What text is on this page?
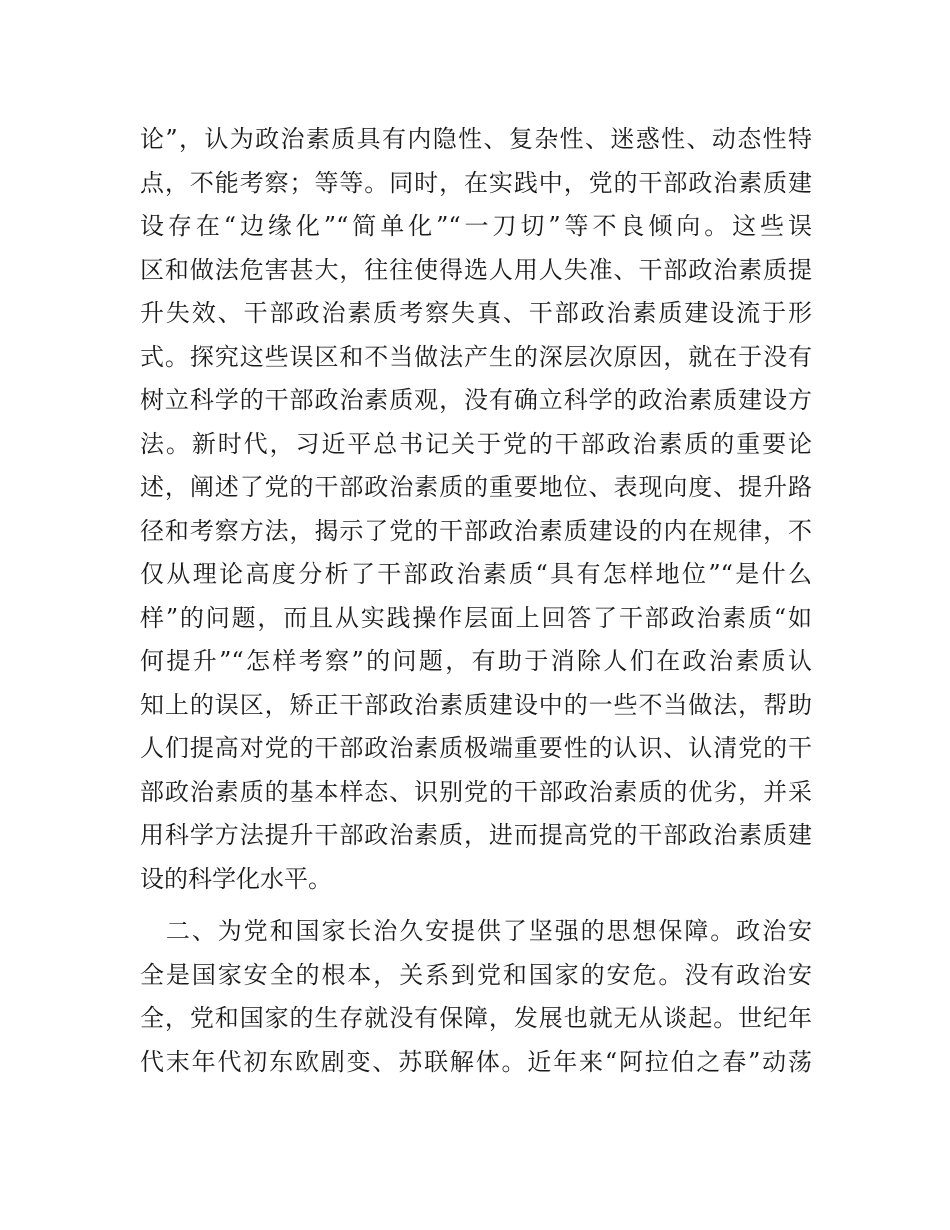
论”，认为政治素质具有内隐性、复杂性、迷惑性、动态性特
点，不能考察；等等。同时，在实践中，党的干部政治素质建
设存在“边缘化”“简单化”“一刀切”等不良倾向。这些误
区和做法危害甚大，往往使得选人用人失准、干部政治素质提
升失效、干部政治素质考察失真、干部政治素质建设流于形
式。探究这些误区和不当做法产生的深层次原因，就在于没有
树立科学的干部政治素质观，没有确立科学的政治素质建设方
法。新时代，习近平总书记关于党的干部政治素质的重要论
述，阐述了党的干部政治素质的重要地位、表现向度、提升路
径和考察方法，揭示了党的干部政治素质建设的内在规律，不
仅从理论高度分析了干部政治素质“具有怎样地位”“是什么
样”的问题，而且从实践操作层面上回答了干部政治素质“如
何提升”“怎样考察”的问题，有助于消除人们在政治素质认
知上的误区，矫正干部政治素质建设中的一些不当做法，帮助
人们提高对党的干部政治素质极端重要性的认识、认清党的干
部政治素质的基本样态、识别党的干部政治素质的优劣，并采
用科学方法提升干部政治素质，进而提高党的干部政治素质建
设的科学化水平。
　二、为党和国家长治久安提供了坚强的思想保障。政治安
全是国家安全的根本，关系到党和国家的安危。没有政治安
全，党和国家的生存就没有保障，发展也就无从谈起。世纪年
代末年代初东欧剧变、苏联解体。近年来“阿拉伯之春”动荡
